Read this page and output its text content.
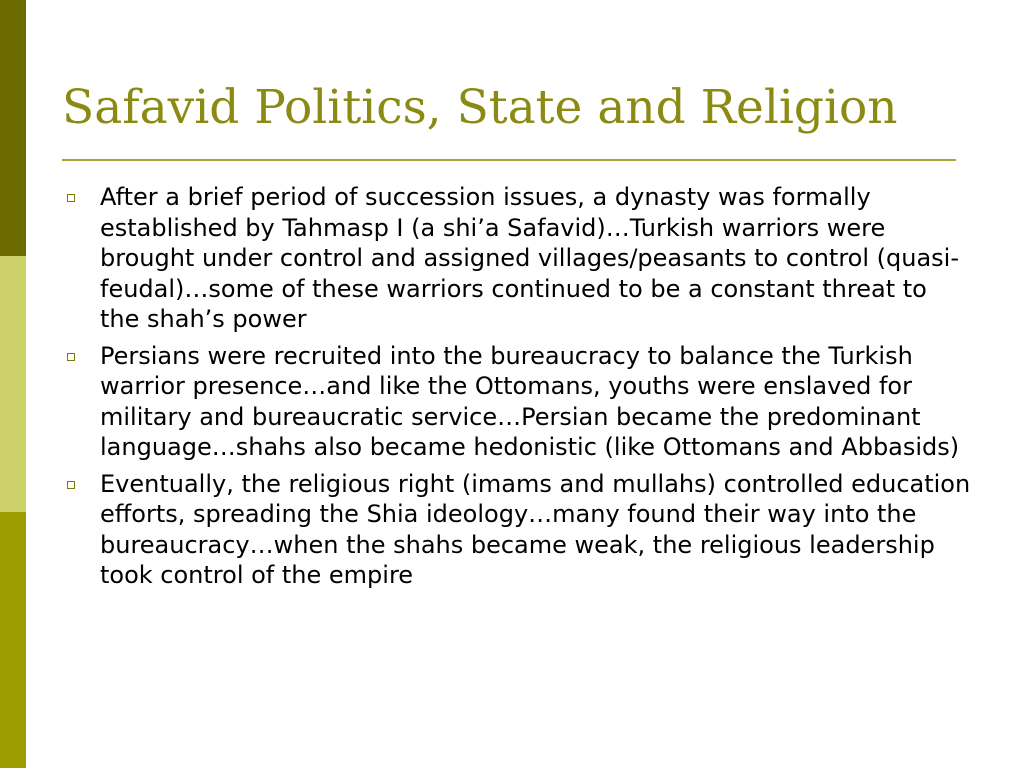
Safavid Politics, State and Religion
After a brief period of succession issues, a dynasty was formally established by Tahmasp I (a shi’a Safavid)…Turkish warriors were brought under control and assigned villages/peasants to control (quasi-feudal)…some of these warriors continued to be a constant threat to the shah’s power
Persians were recruited into the bureaucracy to balance the Turkish warrior presence…and like the Ottomans, youths were enslaved for military and bureaucratic service…Persian became the predominant language…shahs also became hedonistic (like Ottomans and Abbasids)
Eventually, the religious right (imams and mullahs) controlled education efforts, spreading the Shia ideology…many found their way into the bureaucracy…when the shahs became weak, the religious leadership took control of the empire
